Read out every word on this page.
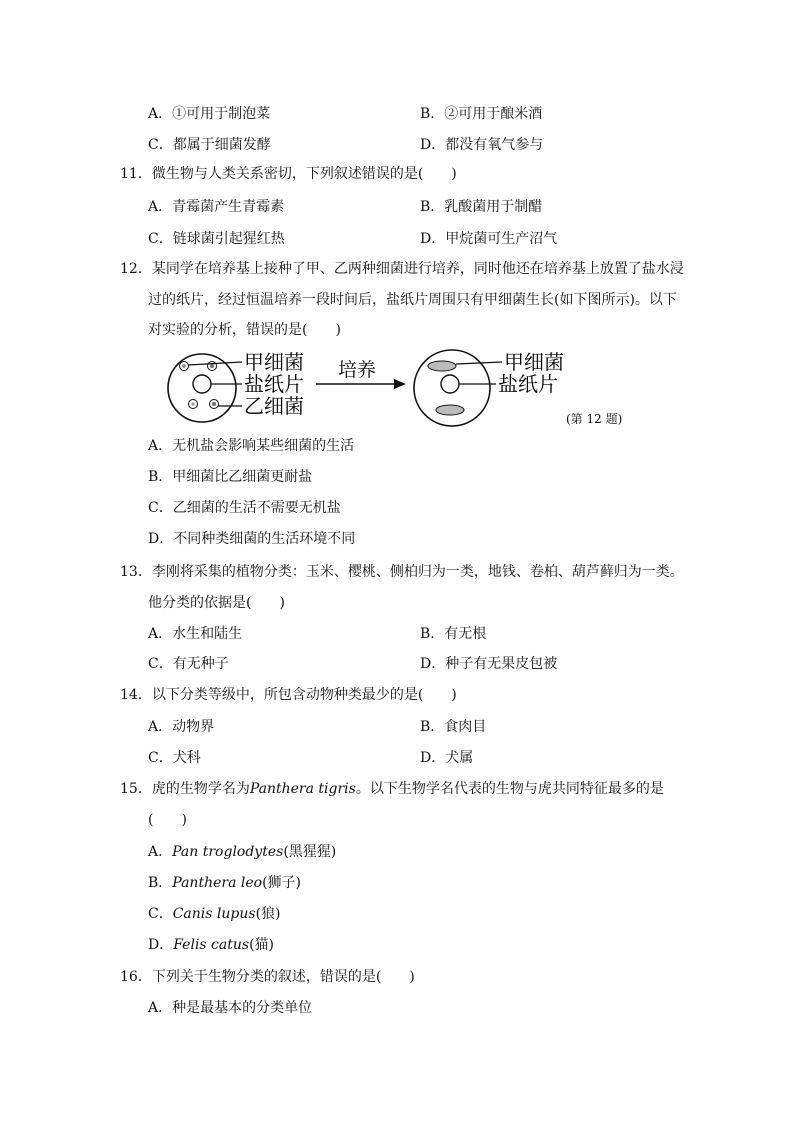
A．①可用于制泡菜	B．②可用于酿米酒
C．都属于细菌发酵	D．都没有氧气参与
11．微生物与人类关系密切，下列叙述错误的是(　　)
A．青霉菌产生青霉素	B．乳酸菌用于制醋
C．链球菌引起猩红热	D．甲烷菌可生产沼气
12．某同学在培养基上接种了甲、乙两种细菌进行培养，同时他还在培养基上放置了盐水浸
过的纸片，经过恒温培养一段时间后，盐纸片周围只有甲细菌生长(如下图所示)。以下
对实验的分析，错误的是(　　)
甲细菌
盐纸片
乙细菌
培养	甲细菌
盐纸片
(第 12 题)
A．无机盐会影响某些细菌的生活
B．甲细菌比乙细菌更耐盐
C．乙细菌的生活不需要无机盐
D．不同种类细菌的生活环境不同
13．李刚将采集的植物分类：玉米、樱桃、侧柏归为一类，地钱、卷柏、葫芦藓归为一类。
他分类的依据是(　　)
A．水生和陆生	B．有无根
C．有无种子	D．种子有无果皮包被
14．以下分类等级中，所包含动物种类最少的是(　　)
A．动物界	B．食肉目
C．犬科	D．犬属
15．虎的生物学名为Panthera tigris。以下生物学名代表的生物与虎共同特征最多的是
(　　)
A．Pan troglodytes(黑猩猩)
B．Panthera leo(狮子)
C．Canis lupus(狼)
D．Felis catus(猫)
16．下列关于生物分类的叙述，错误的是(　　)
A．种是最基本的分类单位
